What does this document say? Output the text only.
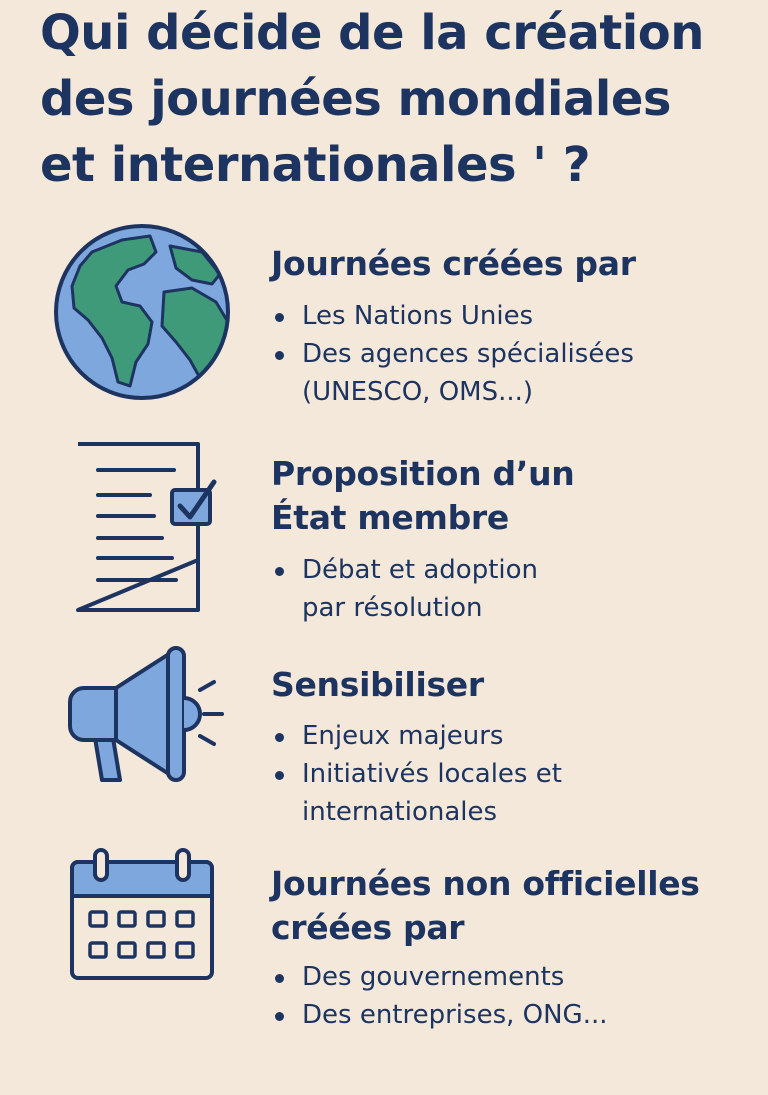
Qui décide de la création
des journées mondiales
et internationales ' ?
Journées créées par
Les Nations Unies
Des agences spécialisées
(UNESCO, OMS...)
Proposition d’un
État membre
Débat et adoption
par résolution
Sensibiliser
Enjeux majeurs
Initiativés locales et
internationales
Journées non officielles
créées par
Des gouvernements
Des entreprises, ONG...
